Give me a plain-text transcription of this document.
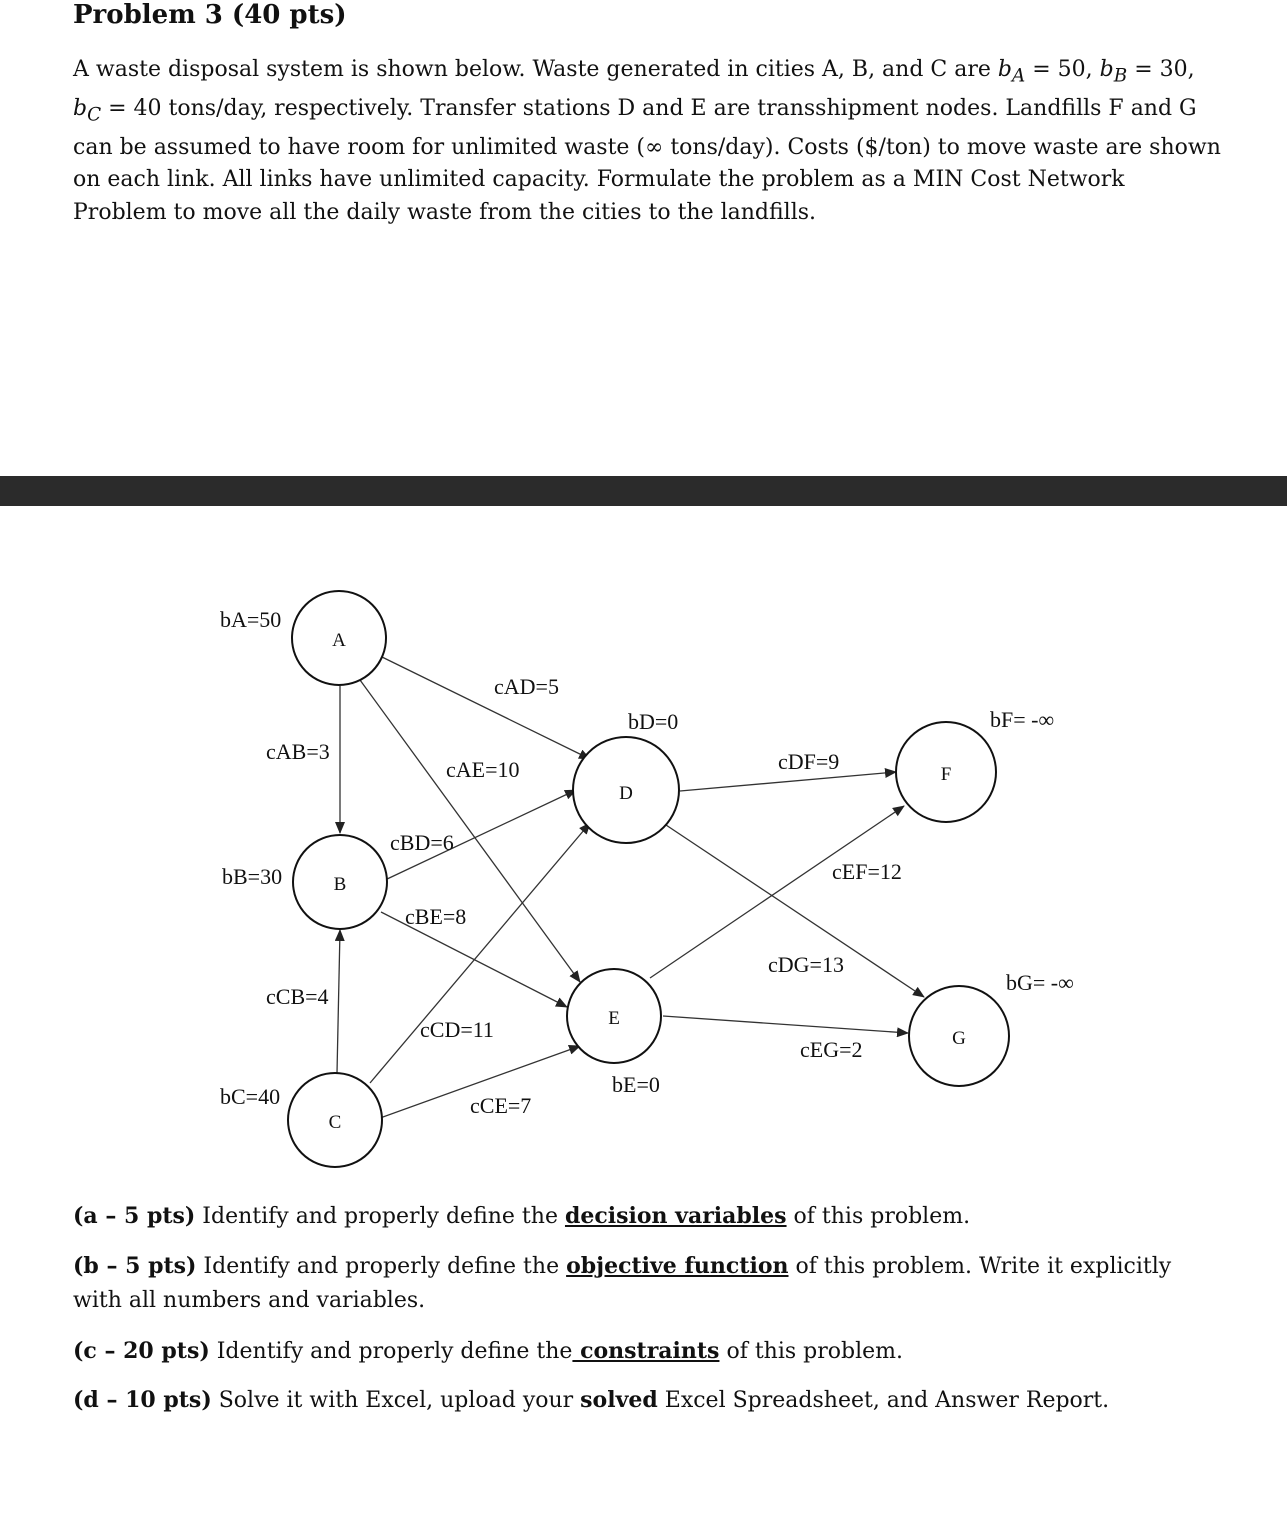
Problem 3 (40 pts)

A waste disposal system is shown below. Waste generated in cities A, B, and C are $b_A = 50$, $b_B = 30$, $b_C = 40$ tons/day, respectively. Transfer stations D and E are transshipment nodes. Landfills F and G can be assumed to have room for unlimited waste (∞ tons/day). Costs ($/ton) to move waste are shown on each link. All links have unlimited capacity. Formulate the problem as a MIN Cost Network Problem to move all the daily waste from the cities to the landfills.

A
B
C
D
E
F
G
bA=50
bB=30
bC=40
bD=0
bE=0
bF= -∞
bG= -∞
cAB=3
cAD=5
cAE=10
cBD=6
cBE=8
cCB=4
cCD=11
cCE=7
cDF=9
cDG=13
cEF=12
cEG=2

(a – 5 pts) Identify and properly define the decision variables of this problem.

(b – 5 pts) Identify and properly define the objective function of this problem. Write it explicitly with all numbers and variables.

(c – 20 pts) Identify and properly define the constraints of this problem.

(d – 10 pts) Solve it with Excel, upload your solved Excel Spreadsheet, and Answer Report.
